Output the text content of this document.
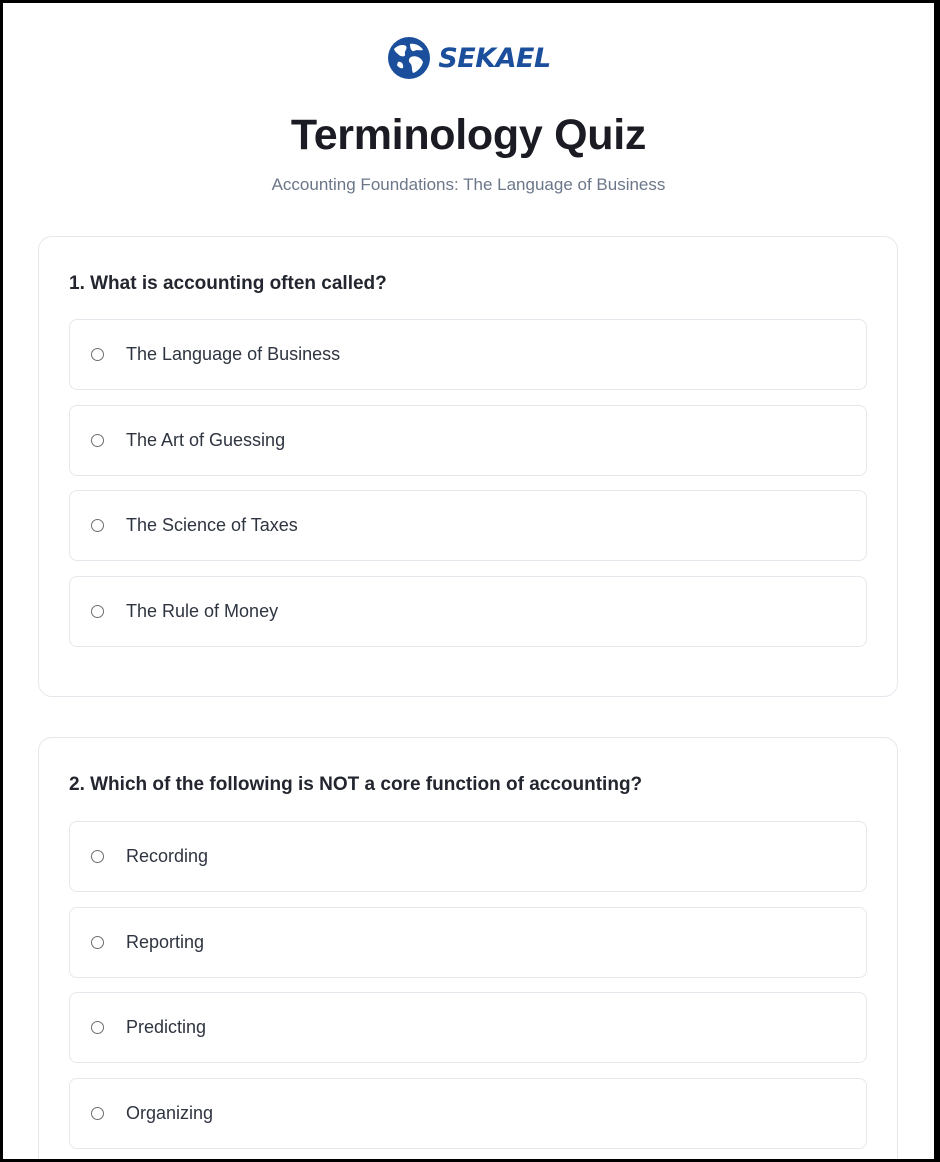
SEKAEL
Terminology Quiz
Accounting Foundations: The Language of Business
1. What is accounting often called?
The Language of Business
The Art of Guessing
The Science of Taxes
The Rule of Money
2. Which of the following is NOT a core function of accounting?
Recording
Reporting
Predicting
Organizing
